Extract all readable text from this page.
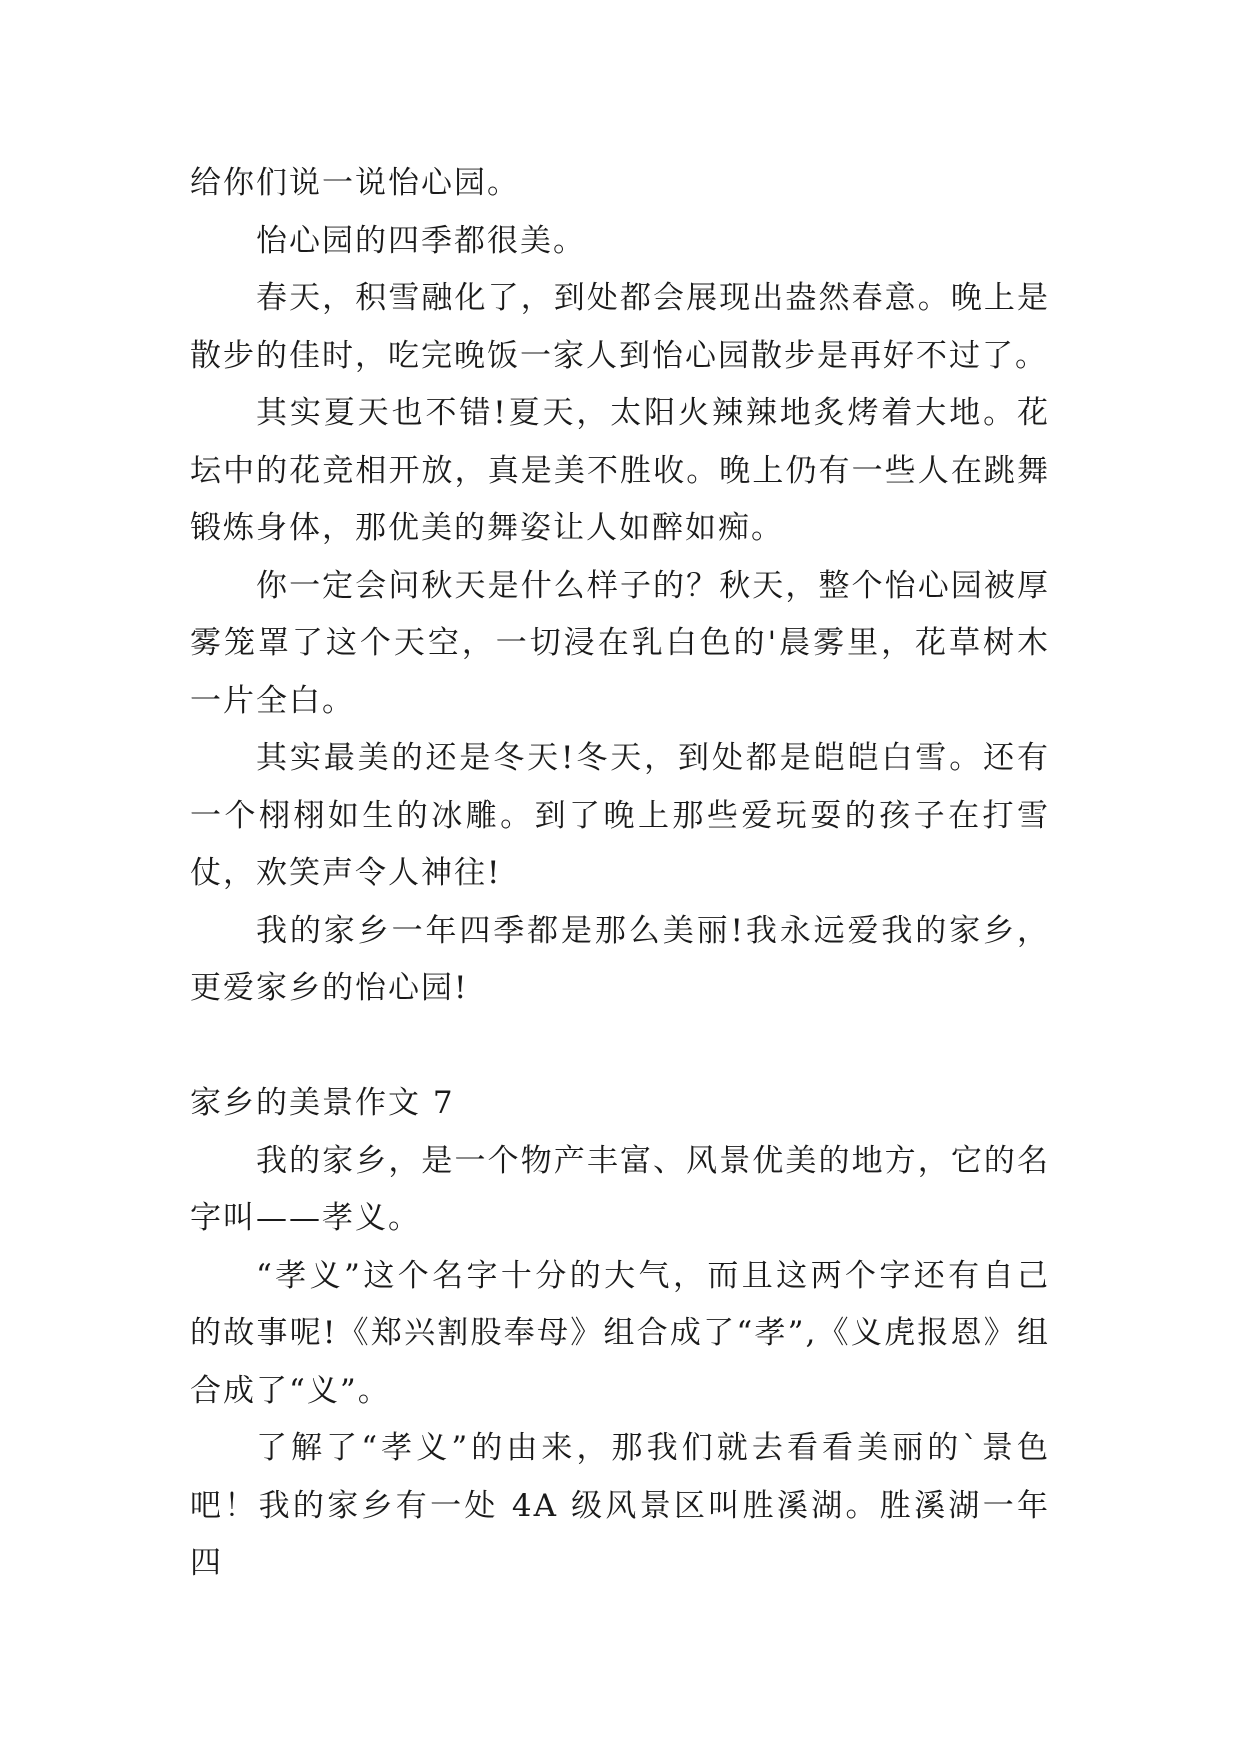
给你们说一说怡心园。

怡心园的四季都很美。

春天，积雪融化了，到处都会展现出盎然春意。晚上是散步的佳时，吃完晚饭一家人到怡心园散步是再好不过了。

其实夏天也不错!夏天，太阳火辣辣地炙烤着大地。花坛中的花竞相开放，真是美不胜收。晚上仍有一些人在跳舞锻炼身体，那优美的舞姿让人如醉如痴。

你一定会问秋天是什么样子的？秋天，整个怡心园被厚雾笼罩了这个天空，一切浸在乳白色的'晨雾里，花草树木一片全白。

其实最美的还是冬天!冬天，到处都是皑皑白雪。还有一个栩栩如生的冰雕。到了晚上那些爱玩耍的孩子在打雪仗，欢笑声令人神往!

我的家乡一年四季都是那么美丽!我永远爱我的家乡，更爱家乡的怡心园!

家乡的美景作文 7

我的家乡，是一个物产丰富、风景优美的地方，它的名字叫——孝义。

“孝义”这个名字十分的大气，而且这两个字还有自己的故事呢!《郑兴割股奉母》组合成了“孝”,《义虎报恩》组合成了“义”。

了解了“孝义”的由来，那我们就去看看美丽的`景色吧！我的家乡有一处 4A 级风景区叫胜溪湖。胜溪湖一年四
